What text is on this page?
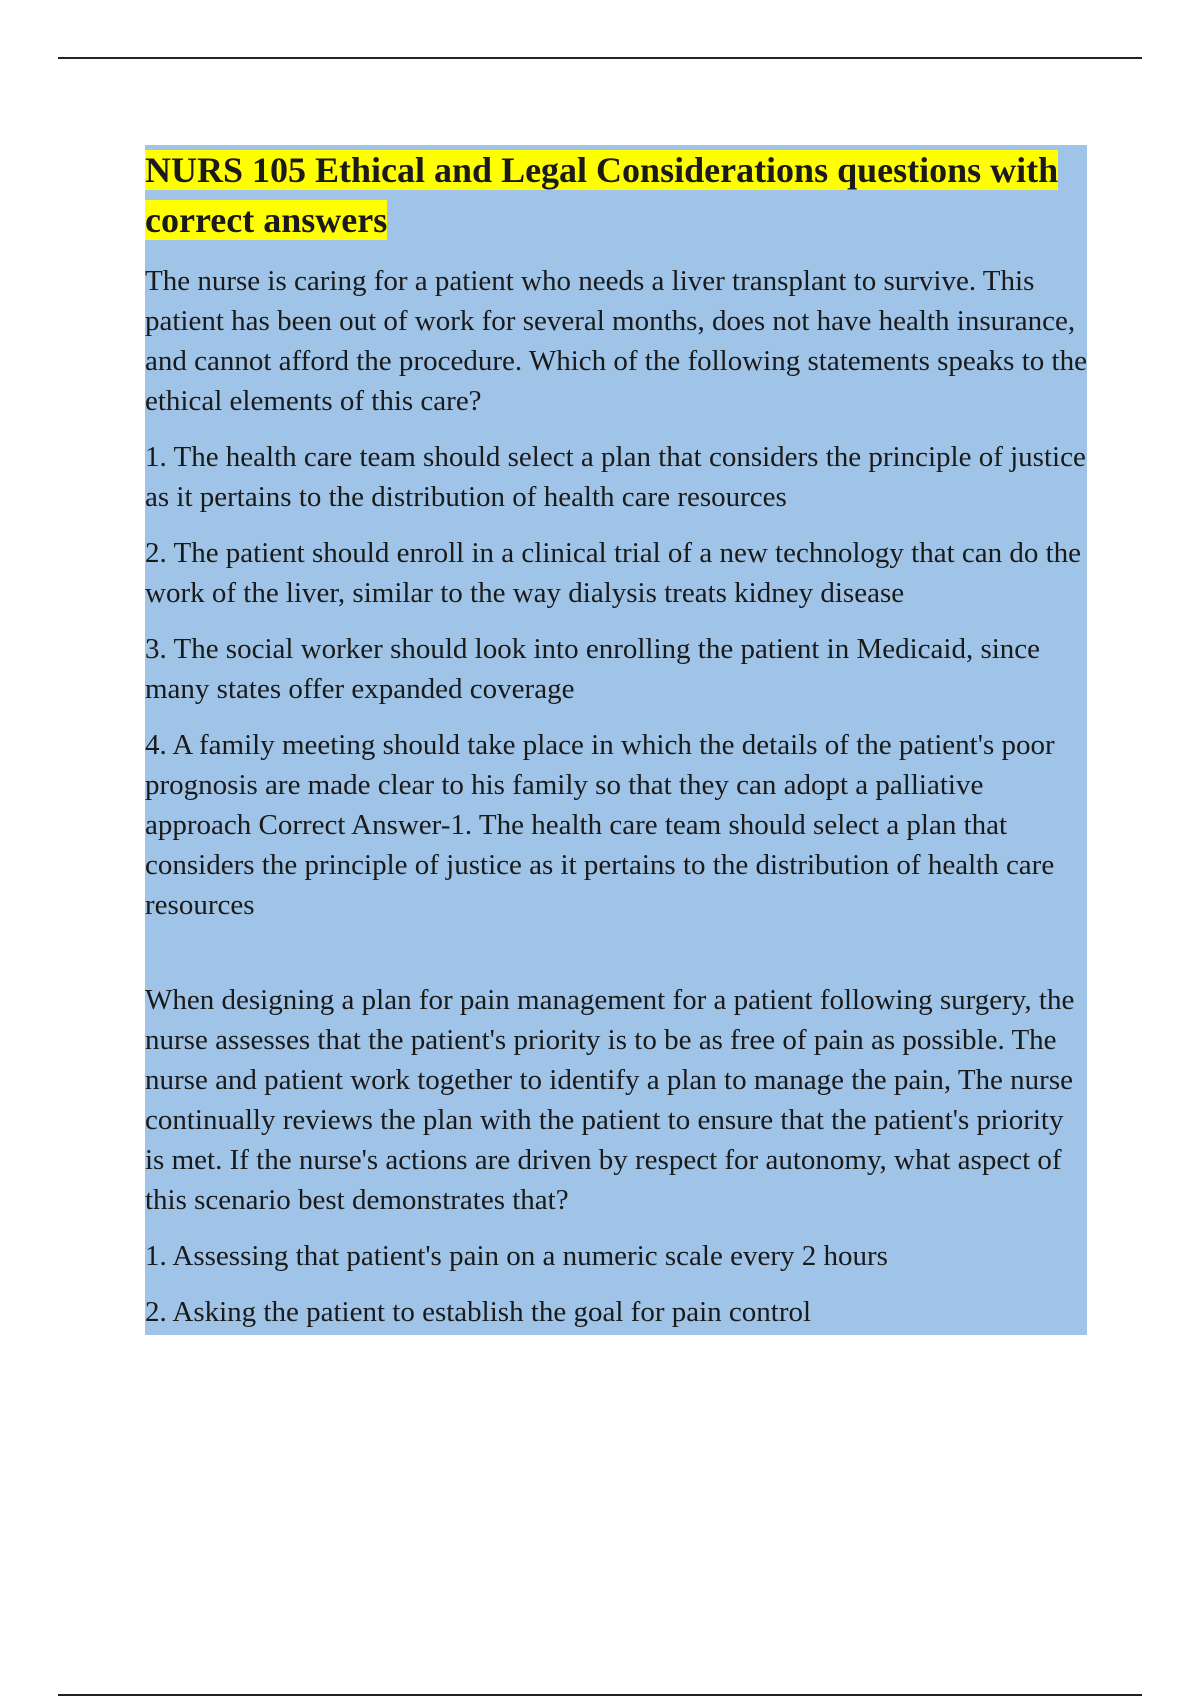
NURS 105 Ethical and Legal Considerations questions with correct answers

The nurse is caring for a patient who needs a liver transplant to survive. This patient has been out of work for several months, does not have health insurance, and cannot afford the procedure. Which of the following statements speaks to the ethical elements of this care?

1. The health care team should select a plan that considers the principle of justice as it pertains to the distribution of health care resources

2. The patient should enroll in a clinical trial of a new technology that can do the work of the liver, similar to the way dialysis treats kidney disease

3. The social worker should look into enrolling the patient in Medicaid, since many states offer expanded coverage

4. A family meeting should take place in which the details of the patient's poor prognosis are made clear to his family so that they can adopt a palliative approach Correct Answer-1. The health care team should select a plan that considers the principle of justice as it pertains to the distribution of health care resources

When designing a plan for pain management for a patient following surgery, the nurse assesses that the patient's priority is to be as free of pain as possible. The nurse and patient work together to identify a plan to manage the pain, The nurse continually reviews the plan with the patient to ensure that the patient's priority is met. If the nurse's actions are driven by respect for autonomy, what aspect of this scenario best demonstrates that?

1. Assessing that patient's pain on a numeric scale every 2 hours

2. Asking the patient to establish the goal for pain control
